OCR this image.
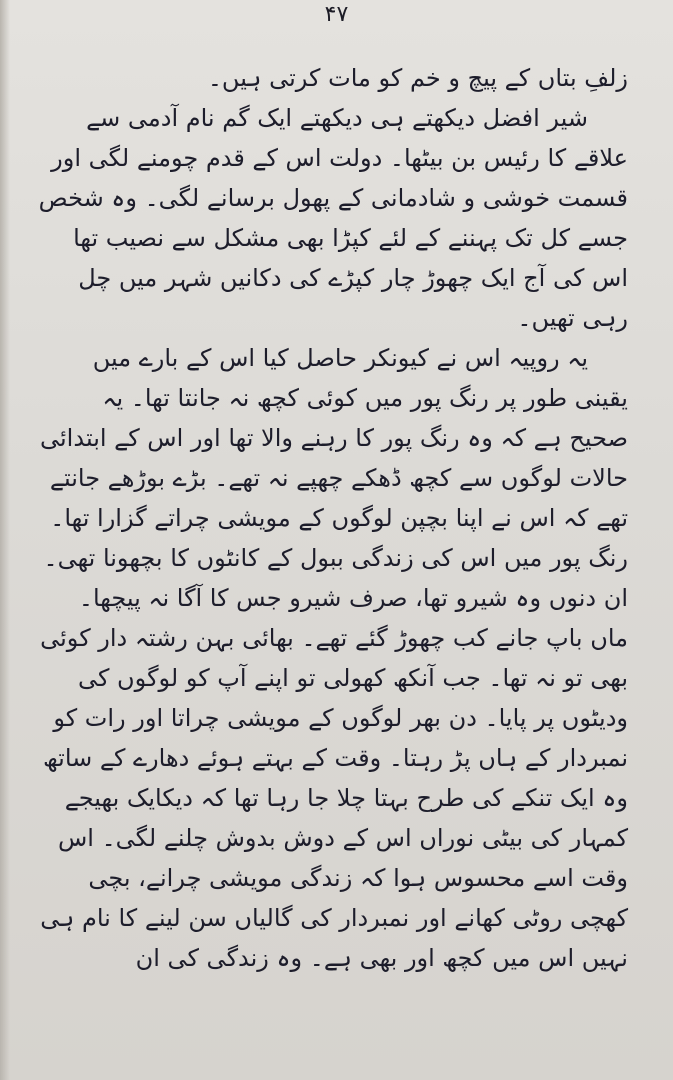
۴۷

زلفِ بتاں کے پیچ و خم کو مات کرتی ہیں۔

شیر افضل دیکھتے ہی دیکھتے ایک گم نام آدمی سے علاقے کا رئیس بن بیٹھا۔ دولت اس کے قدم چومنے لگی اور قسمت خوشی و شادمانی کے پھول برسانے لگی۔ وہ شخص جسے کل تک پہننے کے لئے کپڑا بھی مشکل سے نصیب تھا اس کی آج ایک چھوڑ چار کپڑے کی دکانیں شہر میں چل رہی تھیں۔

یہ روپیہ اس نے کیونکر حاصل کیا اس کے بارے میں یقینی طور پر رنگ پور میں کوئی کچھ نہ جانتا تھا۔ یہ صحیح ہے کہ وہ رنگ پور کا رہنے والا تھا اور اس کے ابتدائی حالات لوگوں سے کچھ ڈھکے چھپے نہ تھے۔ بڑے بوڑھے جانتے تھے کہ اس نے اپنا بچپن لوگوں کے مویشی چراتے گزارا تھا۔ رنگ پور میں اس کی زندگی ببول کے کانٹوں کا بچھونا تھی۔ ان دنوں وہ شیرو تھا، صرف شیرو جس کا آگا نہ پیچھا۔

ماں باپ جانے کب چھوڑ گئے تھے۔ بھائی بہن رشتہ دار کوئی بھی تو نہ تھا۔ جب آنکھ کھولی تو اپنے آپ کو لوگوں کی ودیٹوں پر پایا۔ دن بھر لوگوں کے مویشی چراتا اور رات کو نمبردار کے ہاں پڑ رہتا۔ وقت کے بہتے ہوئے دھارے کے ساتھ وہ ایک تنکے کی طرح بہتا چلا جا رہا تھا کہ دیکایک بھیجے کمہار کی بیٹی نوراں اس کے دوش بدوش چلنے لگی۔ اس وقت اسے محسوس ہوا کہ زندگی مویشی چرانے، بچی کھچی روٹی کھانے اور نمبردار کی گالیاں سن لینے کا نام ہی نہیں اس میں کچھ اور بھی ہے۔ وہ زندگی کی ان
